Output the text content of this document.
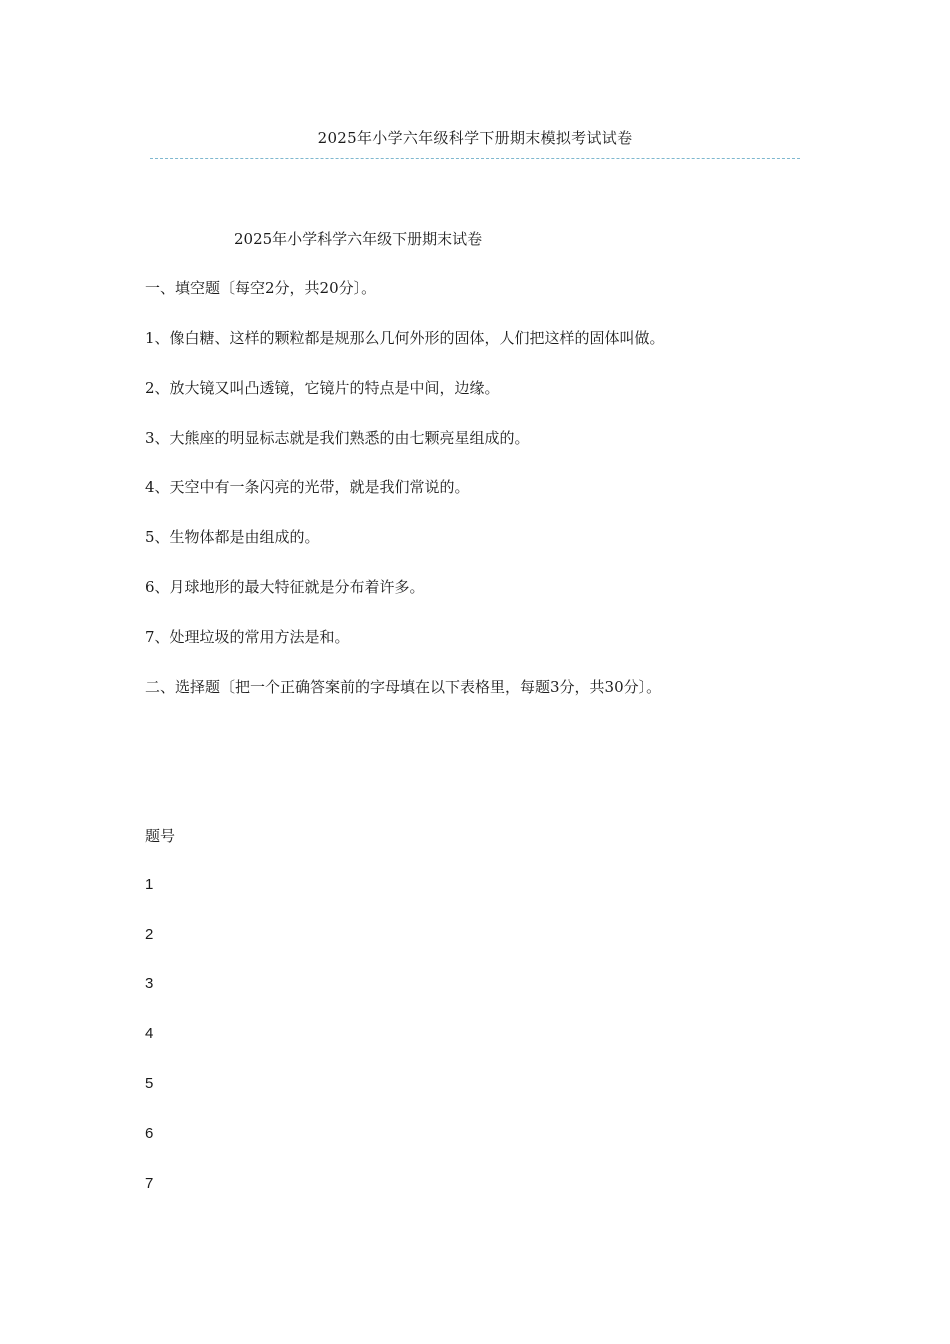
2025年小学六年级科学下册期末模拟考试试卷
2025年小学科学六年级下册期末试卷
一、填空题〔每空2分，共20分〕。
1、像白糖、这样的颗粒都是规那么几何外形的固体，人们把这样的固体叫做。
2、放大镜又叫凸透镜，它镜片的特点是中间，边缘。
3、大熊座的明显标志就是我们熟悉的由七颗亮星组成的。
4、天空中有一条闪亮的光带，就是我们常说的。
5、生物体都是由组成的。
6、月球地形的最大特征就是分布着许多。
7、处理垃圾的常用方法是和。
二、选择题〔把一个正确答案前的字母填在以下表格里，每题3分，共30分〕。
题号
1
2
3
4
5
6
7
